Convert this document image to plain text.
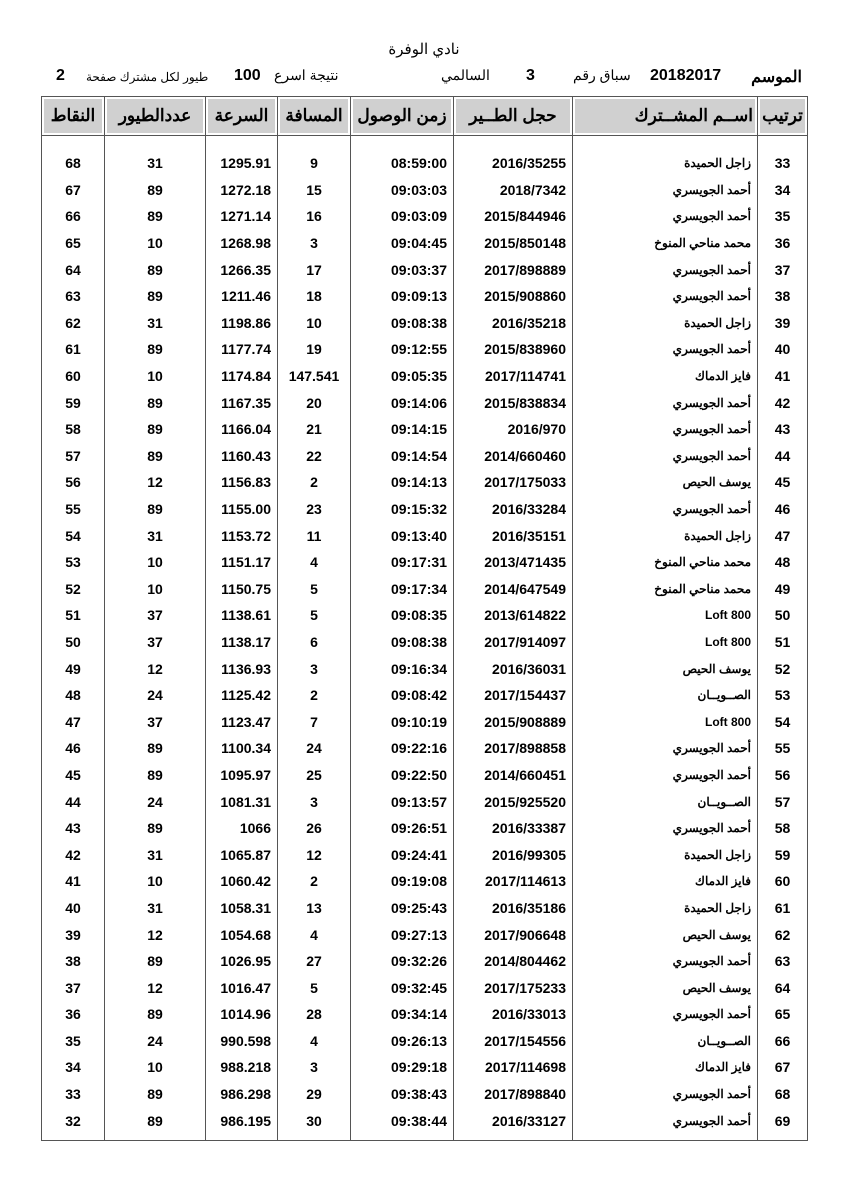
نادي الوفرة
الموسم
20182017
سباق رقم
3
السالمي
نتيجة اسرع
100
طيور لكل مشترك صفحة
2
النقاط	عددالطيور	السرعة	المسافة	زمن الوصول	حجل الطــير	اســم المشــترك	ترتيب
68	31	1295.91	9	08:59:00	2016/35255	زاجل الحميدة	33
67	89	1272.18	15	09:03:03	2018/7342	أحمد الجويسري	34
66	89	1271.14	16	09:03:09	2015/844946	أحمد الجويسري	35
65	10	1268.98	3	09:04:45	2015/850148	محمد مناحي المنوخ	36
64	89	1266.35	17	09:03:37	2017/898889	أحمد الجويسري	37
63	89	1211.46	18	09:09:13	2015/908860	أحمد الجويسري	38
62	31	1198.86	10	09:08:38	2016/35218	زاجل الحميدة	39
61	89	1177.74	19	09:12:55	2015/838960	أحمد الجويسري	40
60	10	1174.84	147.541	09:05:35	2017/114741	فايز الدماك	41
59	89	1167.35	20	09:14:06	2015/838834	أحمد الجويسري	42
58	89	1166.04	21	09:14:15	2016/970	أحمد الجويسري	43
57	89	1160.43	22	09:14:54	2014/660460	أحمد الجويسري	44
56	12	1156.83	2	09:14:13	2017/175033	يوسف الحيص	45
55	89	1155.00	23	09:15:32	2016/33284	أحمد الجويسري	46
54	31	1153.72	11	09:13:40	2016/35151	زاجل الحميدة	47
53	10	1151.17	4	09:17:31	2013/471435	محمد مناحي المنوخ	48
52	10	1150.75	5	09:17:34	2014/647549	محمد مناحي المنوخ	49
51	37	1138.61	5	09:08:35	2013/614822	Loft 800	50
50	37	1138.17	6	09:08:38	2017/914097	Loft 800	51
49	12	1136.93	3	09:16:34	2016/36031	يوسف الحيص	52
48	24	1125.42	2	09:08:42	2017/154437	الصــويــان	53
47	37	1123.47	7	09:10:19	2015/908889	Loft 800	54
46	89	1100.34	24	09:22:16	2017/898858	أحمد الجويسري	55
45	89	1095.97	25	09:22:50	2014/660451	أحمد الجويسري	56
44	24	1081.31	3	09:13:57	2015/925520	الصــويــان	57
43	89	1066	26	09:26:51	2016/33387	أحمد الجويسري	58
42	31	1065.87	12	09:24:41	2016/99305	زاجل الحميدة	59
41	10	1060.42	2	09:19:08	2017/114613	فايز الدماك	60
40	31	1058.31	13	09:25:43	2016/35186	زاجل الحميدة	61
39	12	1054.68	4	09:27:13	2017/906648	يوسف الحيص	62
38	89	1026.95	27	09:32:26	2014/804462	أحمد الجويسري	63
37	12	1016.47	5	09:32:45	2017/175233	يوسف الحيص	64
36	89	1014.96	28	09:34:14	2016/33013	أحمد الجويسري	65
35	24	990.598	4	09:26:13	2017/154556	الصــويــان	66
34	10	988.218	3	09:29:18	2017/114698	فايز الدماك	67
33	89	986.298	29	09:38:43	2017/898840	أحمد الجويسري	68
32	89	986.195	30	09:38:44	2016/33127	أحمد الجويسري	69
